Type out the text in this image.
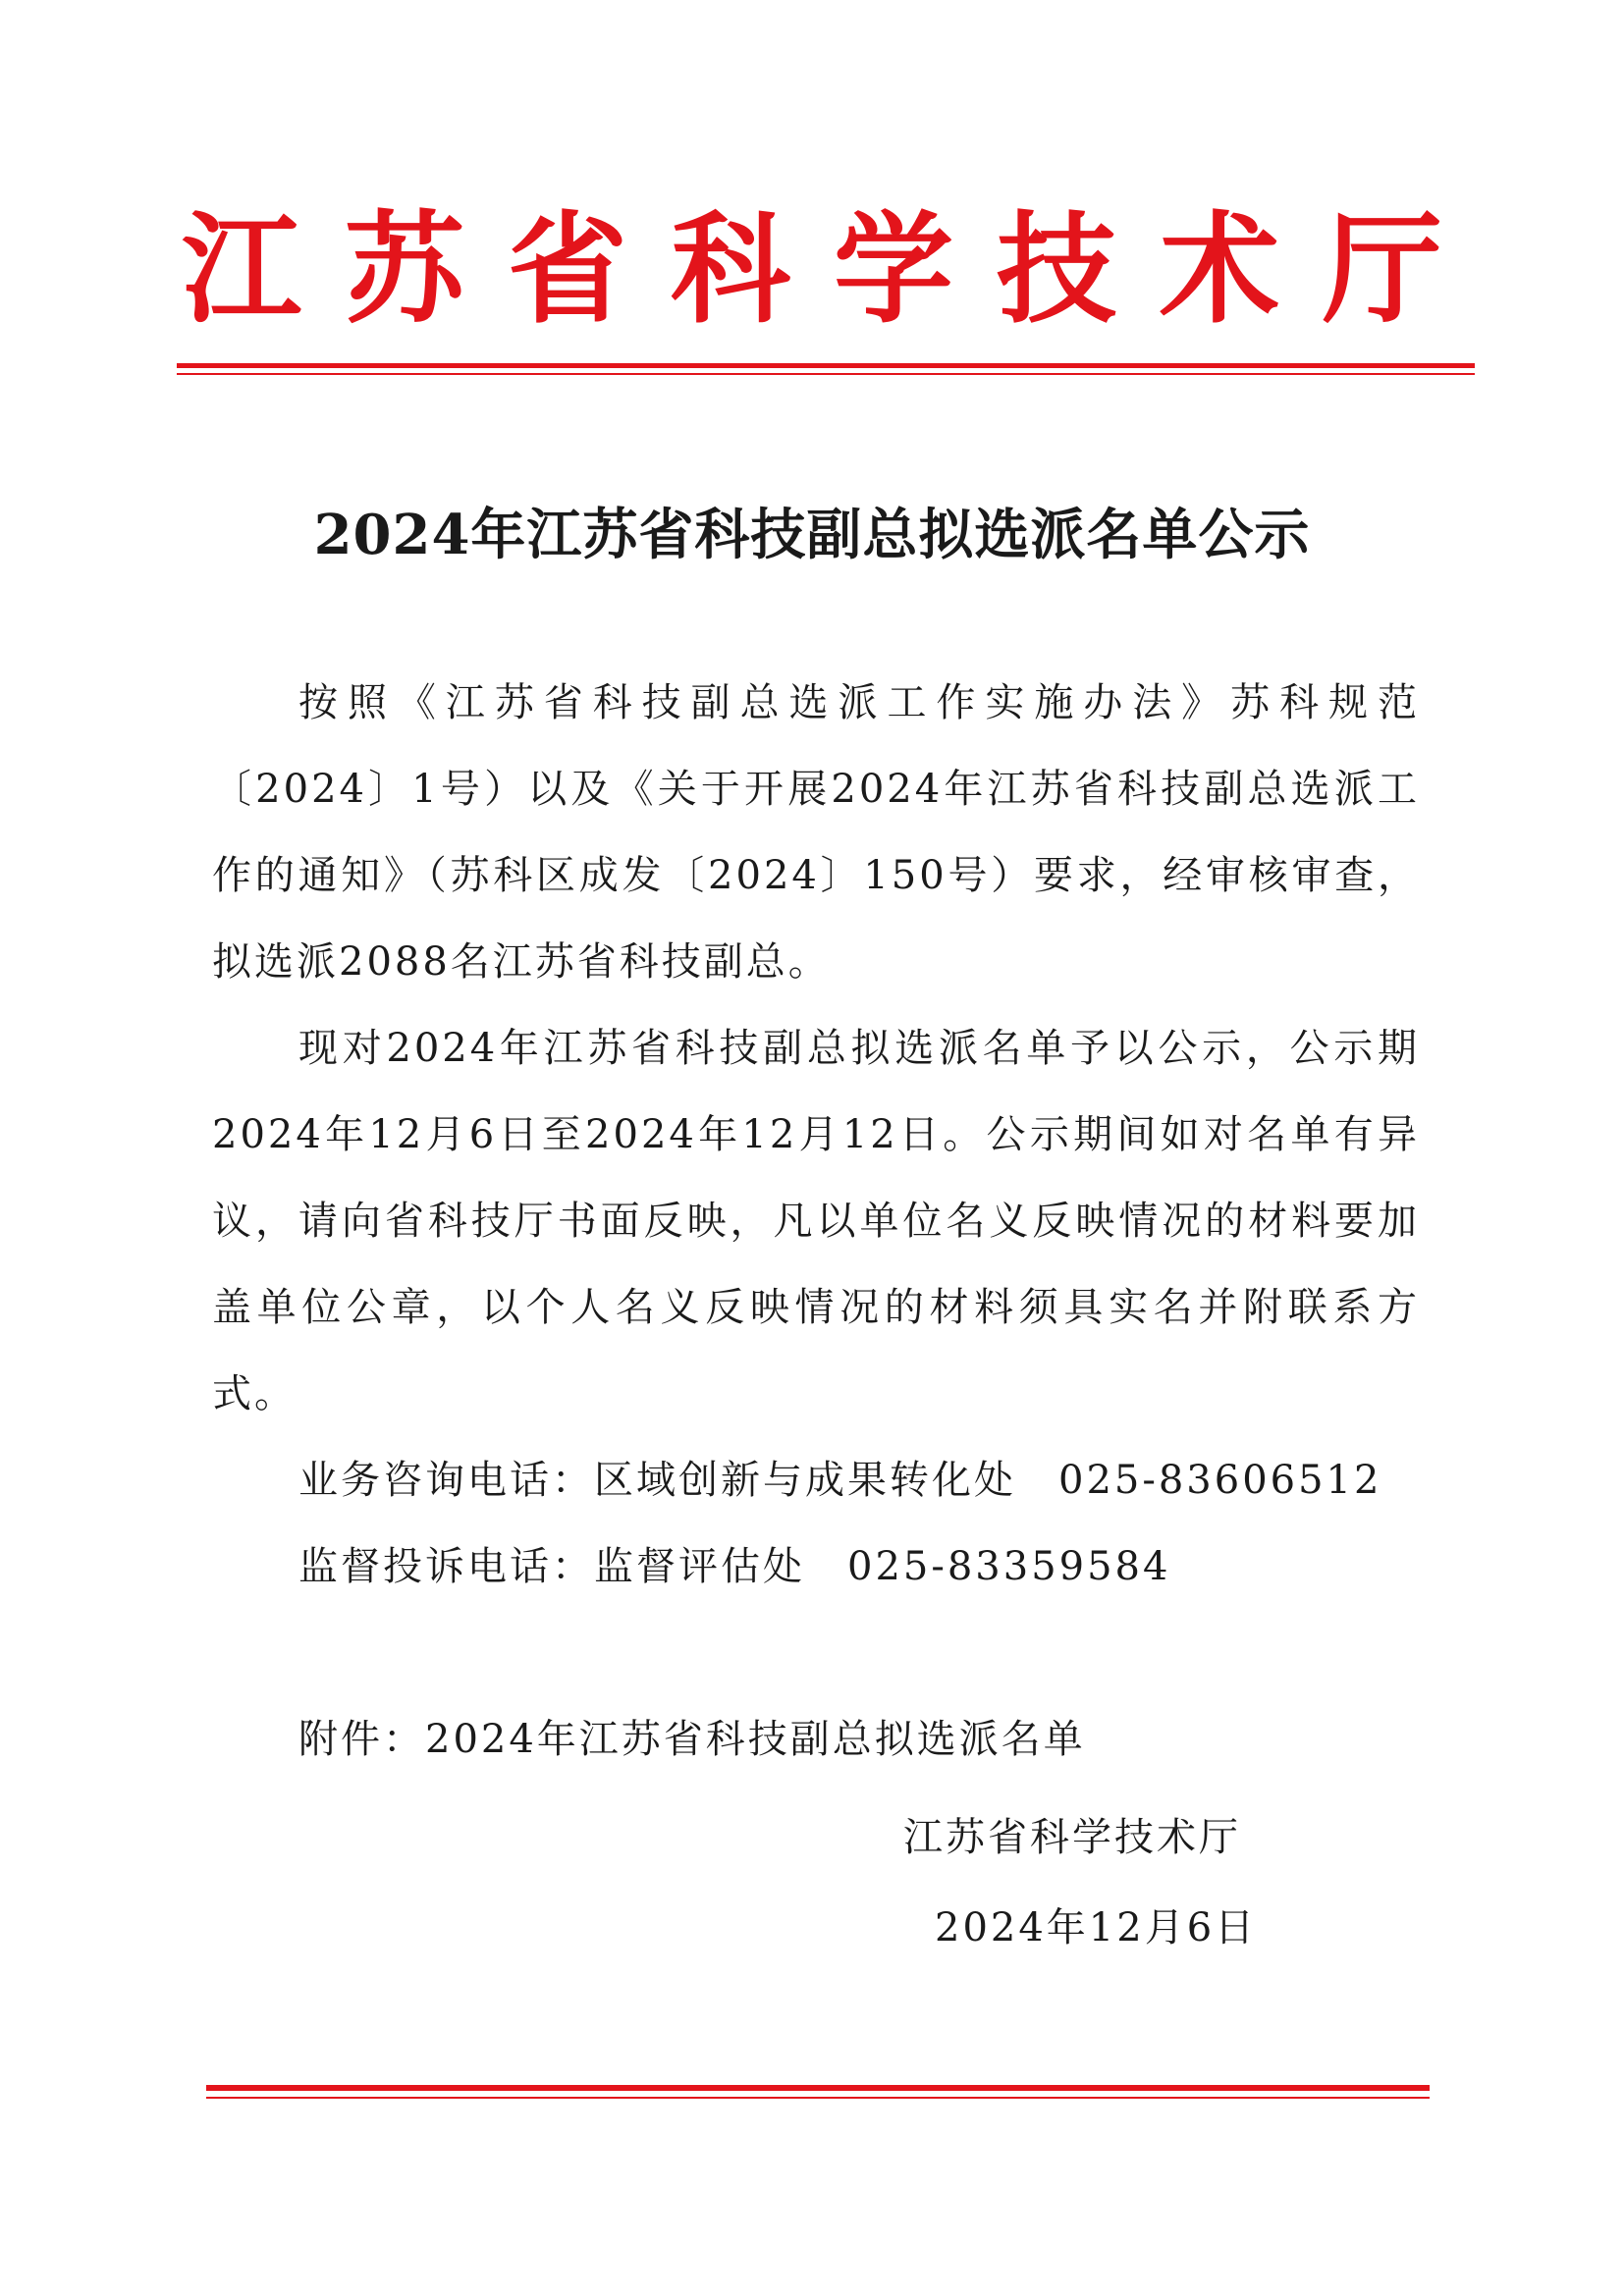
江苏省科学技术厅
2024年江苏省科技副总拟选派名单公示

按照《江苏省科技副总选派工作实施办法》苏科规范〔2024〕1号）以及《关于开展2024年江苏省科技副总选派工作的通知》（苏科区成发〔2024〕150号）要求，经审核审查，拟选派2088名江苏省科技副总。

现对2024年江苏省科技副总拟选派名单予以公示，公示期2024年12月6日至2024年12月12日。公示期间如对名单有异议，请向省科技厅书面反映，凡以单位名义反映情况的材料要加盖单位公章，以个人名义反映情况的材料须具实名并附联系方式。

业务咨询电话：区域创新与成果转化处　025-83606512

监督投诉电话：监督评估处　025-83359584

附件：2024年江苏省科技副总拟选派名单

江苏省科学技术厅
2024年12月6日
